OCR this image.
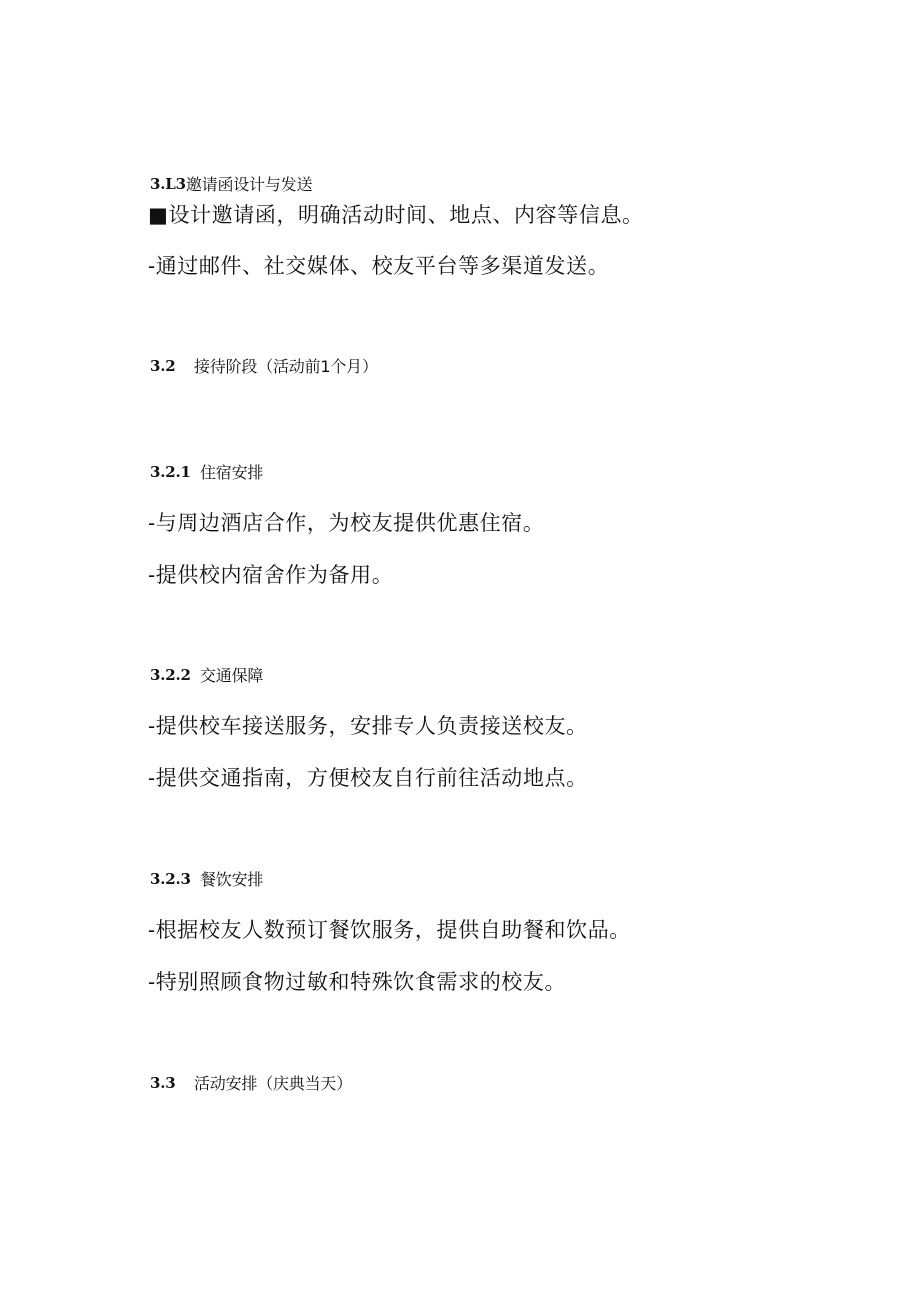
3.L3 邀请函设计与发送
■设计邀请函，明确活动时间、地点、内容等信息。
-通过邮件、社交媒体、校友平台等多渠道发送。
3.2	接待阶段（活动前1个月）
3.2.1 住宿安排
-与周边酒店合作，为校友提供优惠住宿。
-提供校内宿舍作为备用。
3.2.2 交通保障
-提供校车接送服务，安排专人负责接送校友。
-提供交通指南，方便校友自行前往活动地点。
3.2.3 餐饮安排
-根据校友人数预订餐饮服务，提供自助餐和饮品。
-特别照顾食物过敏和特殊饮食需求的校友。
3.3	活动安排（庆典当天）
